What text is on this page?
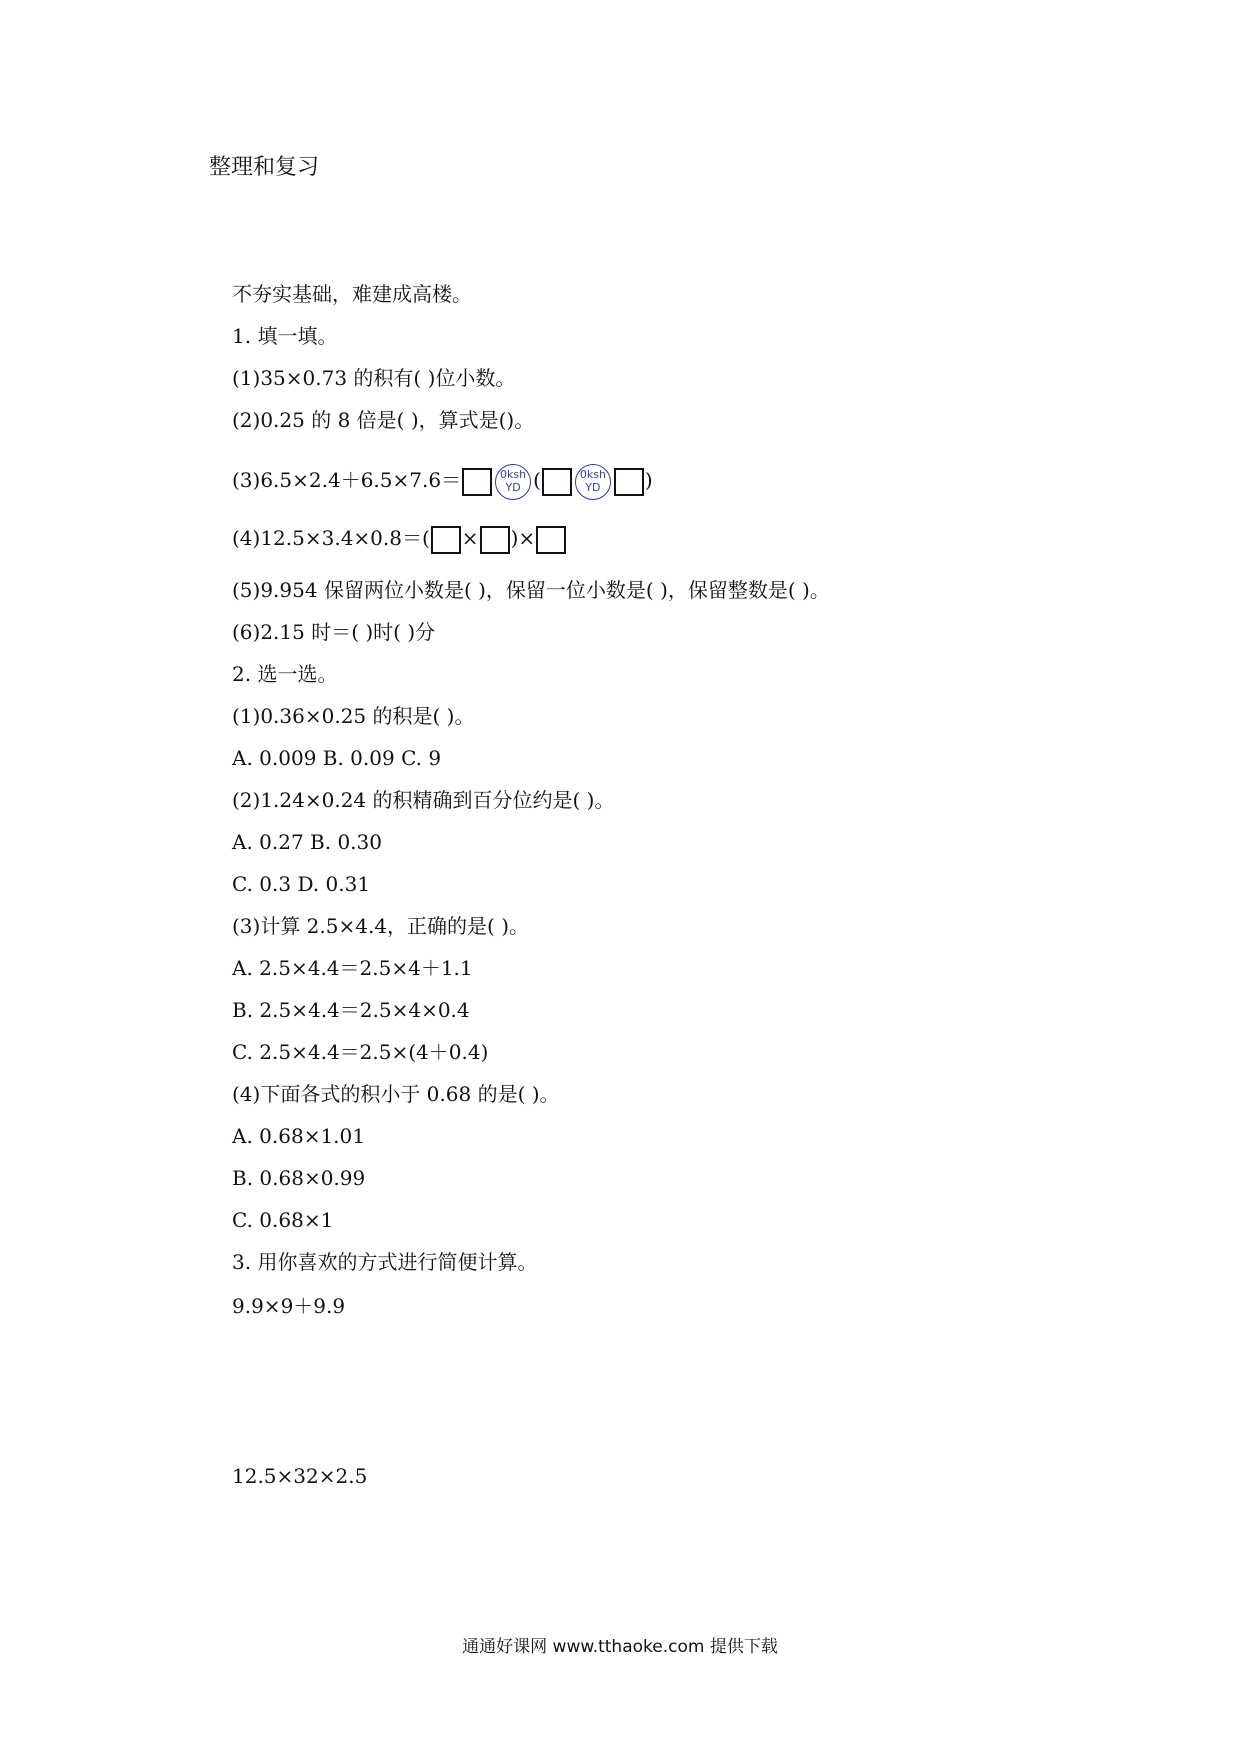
整理和复习
不夯实基础，难建成高楼。
1. 填一填。
(1)35×0.73 的积有( )位小数。
(2)0.25 的 8 倍是( )，算式是()。
(3)6.5×2.4＋6.5×7.6＝	0ksh
YD (	0ksh
YD	)
(4)12.5×3.4×0.8＝( × )×
(5)9.954 保留两位小数是( )，保留一位小数是( )，保留整数是( )。
(6)2.15 时＝( )时( )分
2. 选一选。
(1)0.36×0.25 的积是( )。
A. 0.009 B. 0.09 C. 9
(2)1.24×0.24 的积精确到百分位约是( )。
A. 0.27 B. 0.30
C. 0.3 D. 0.31
(3)计算 2.5×4.4，正确的是( )。
A. 2.5×4.4＝2.5×4＋1.1
B. 2.5×4.4＝2.5×4×0.4
C. 2.5×4.4＝2.5×(4＋0.4)
(4)下面各式的积小于 0.68 的是( )。
A. 0.68×1.01
B. 0.68×0.99
C. 0.68×1
3. 用你喜欢的方式进行简便计算。
9.9×9＋9.9
12.5×32×2.5
通通好课网 www.tthaoke.com 提供下载
